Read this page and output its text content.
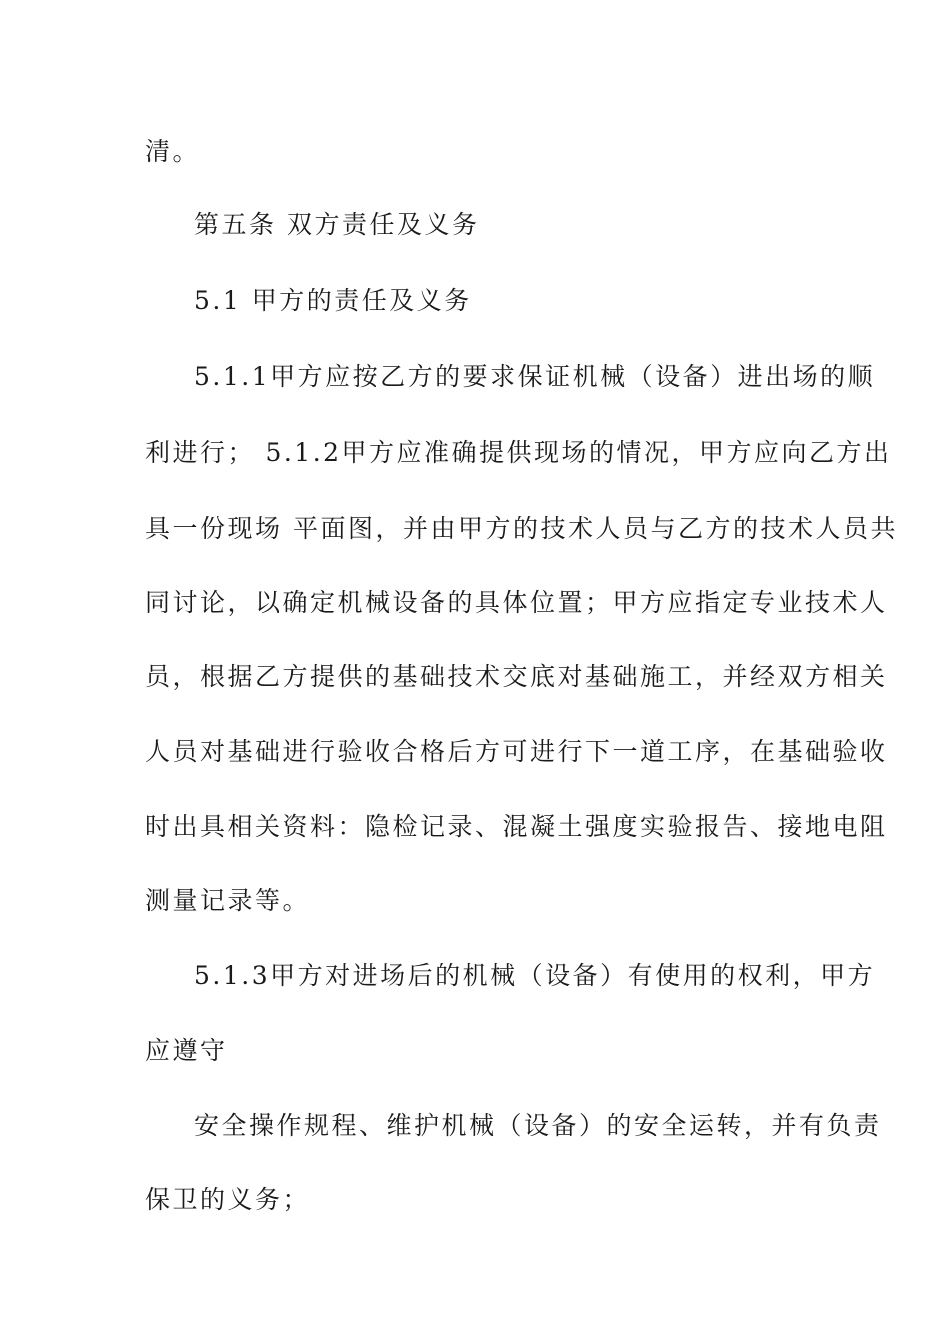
清。
第五条 双方责任及义务
5.1 甲方的责任及义务
5.1.1甲方应按乙方的要求保证机械（设备）进出场的顺
利进行； 5.1.2甲方应准确提供现场的情况，甲方应向乙方出
具一份现场 平面图，并由甲方的技术人员与乙方的技术人员共
同讨论，以确定机械设备的具体位置；甲方应指定专业技术人
员，根据乙方提供的基础技术交底对基础施工，并经双方相关
人员对基础进行验收合格后方可进行下一道工序，在基础验收
时出具相关资料：隐检记录、混凝土强度实验报告、接地电阻
测量记录等。
5.1.3甲方对进场后的机械（设备）有使用的权利，甲方
应遵守
安全操作规程、维护机械（设备）的安全运转，并有负责
保卫的义务；
